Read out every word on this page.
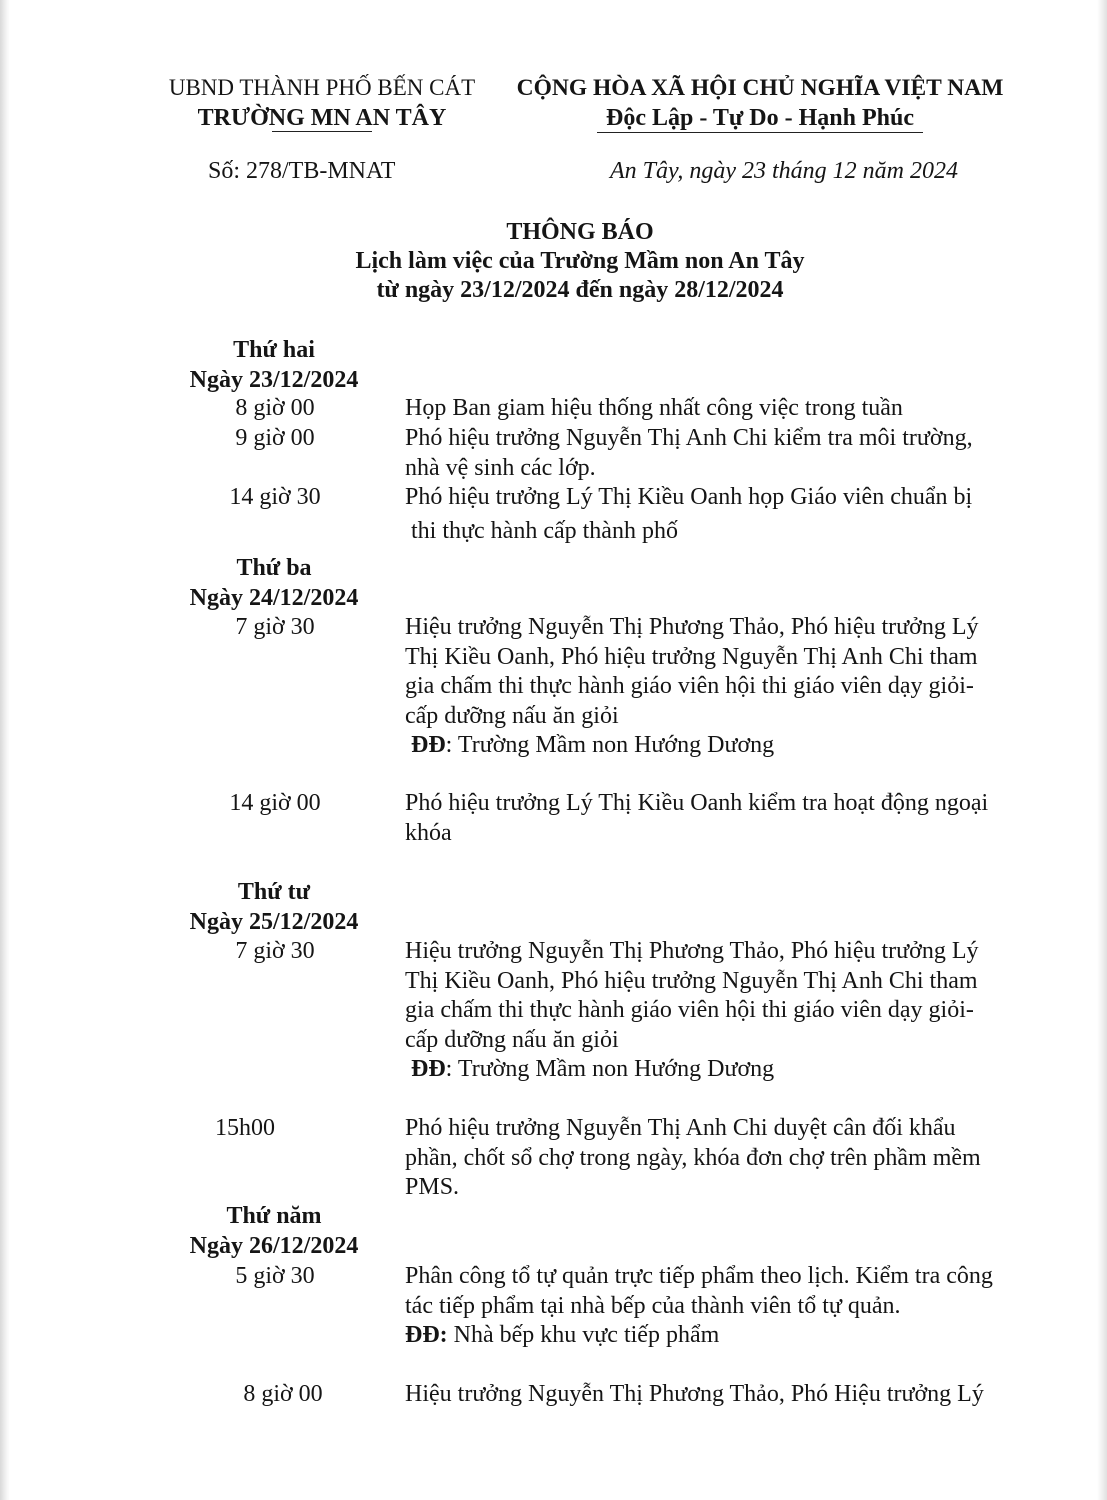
UBND THÀNH PHỐ BẾN CÁT
TRƯỜNG MN AN TÂY
CỘNG HÒA XÃ HỘI CHỦ NGHĨA VIỆT NAM
Độc Lập - Tự Do - Hạnh Phúc
Số: 278/TB-MNAT	An Tây, ngày 23 tháng 12 năm 2024
THÔNG BÁO
Lịch làm việc của Trường Mầm non An Tây
từ ngày 23/12/2024 đến ngày 28/12/2024
Thứ hai
Ngày 23/12/2024
8 giờ 00	Họp Ban giam hiệu thống nhất công việc trong tuần
9 giờ 00	Phó hiệu trưởng Nguyễn Thị Anh Chi kiểm tra môi trường,
nhà vệ sinh các lớp.
14 giờ 30	Phó hiệu trưởng Lý Thị Kiều Oanh họp Giáo viên chuẩn bị
thi thực hành cấp thành phố
Thứ ba
Ngày 24/12/2024
7 giờ 30	Hiệu trưởng Nguyễn Thị Phương Thảo, Phó hiệu trưởng Lý
Thị Kiều Oanh, Phó hiệu trưởng Nguyễn Thị Anh Chi tham
gia chấm thi thực hành giáo viên hội thi giáo viên dạy giỏi-
cấp dưỡng nấu ăn giỏi
ĐĐ: Trường Mầm non Hướng Dương
14 giờ 00	Phó hiệu trưởng Lý Thị Kiều Oanh kiểm tra hoạt động ngoại
khóa
Thứ tư
Ngày 25/12/2024
7 giờ 30	Hiệu trưởng Nguyễn Thị Phương Thảo, Phó hiệu trưởng Lý
Thị Kiều Oanh, Phó hiệu trưởng Nguyễn Thị Anh Chi tham
gia chấm thi thực hành giáo viên hội thi giáo viên dạy giỏi-
cấp dưỡng nấu ăn giỏi
ĐĐ: Trường Mầm non Hướng Dương
15h00	Phó hiệu trưởng Nguyễn Thị Anh Chi duyệt cân đối khẩu
phần, chốt sổ chợ trong ngày, khóa đơn chợ trên phầm mềm
PMS.
Thứ năm
Ngày 26/12/2024
5 giờ 30	Phân công tổ tự quản trực tiếp phẩm theo lịch. Kiểm tra công
tác tiếp phẩm tại nhà bếp của thành viên tổ tự quản.
ĐĐ: Nhà bếp khu vực tiếp phẩm
8 giờ 00	Hiệu trưởng Nguyễn Thị Phương Thảo, Phó Hiệu trưởng Lý
